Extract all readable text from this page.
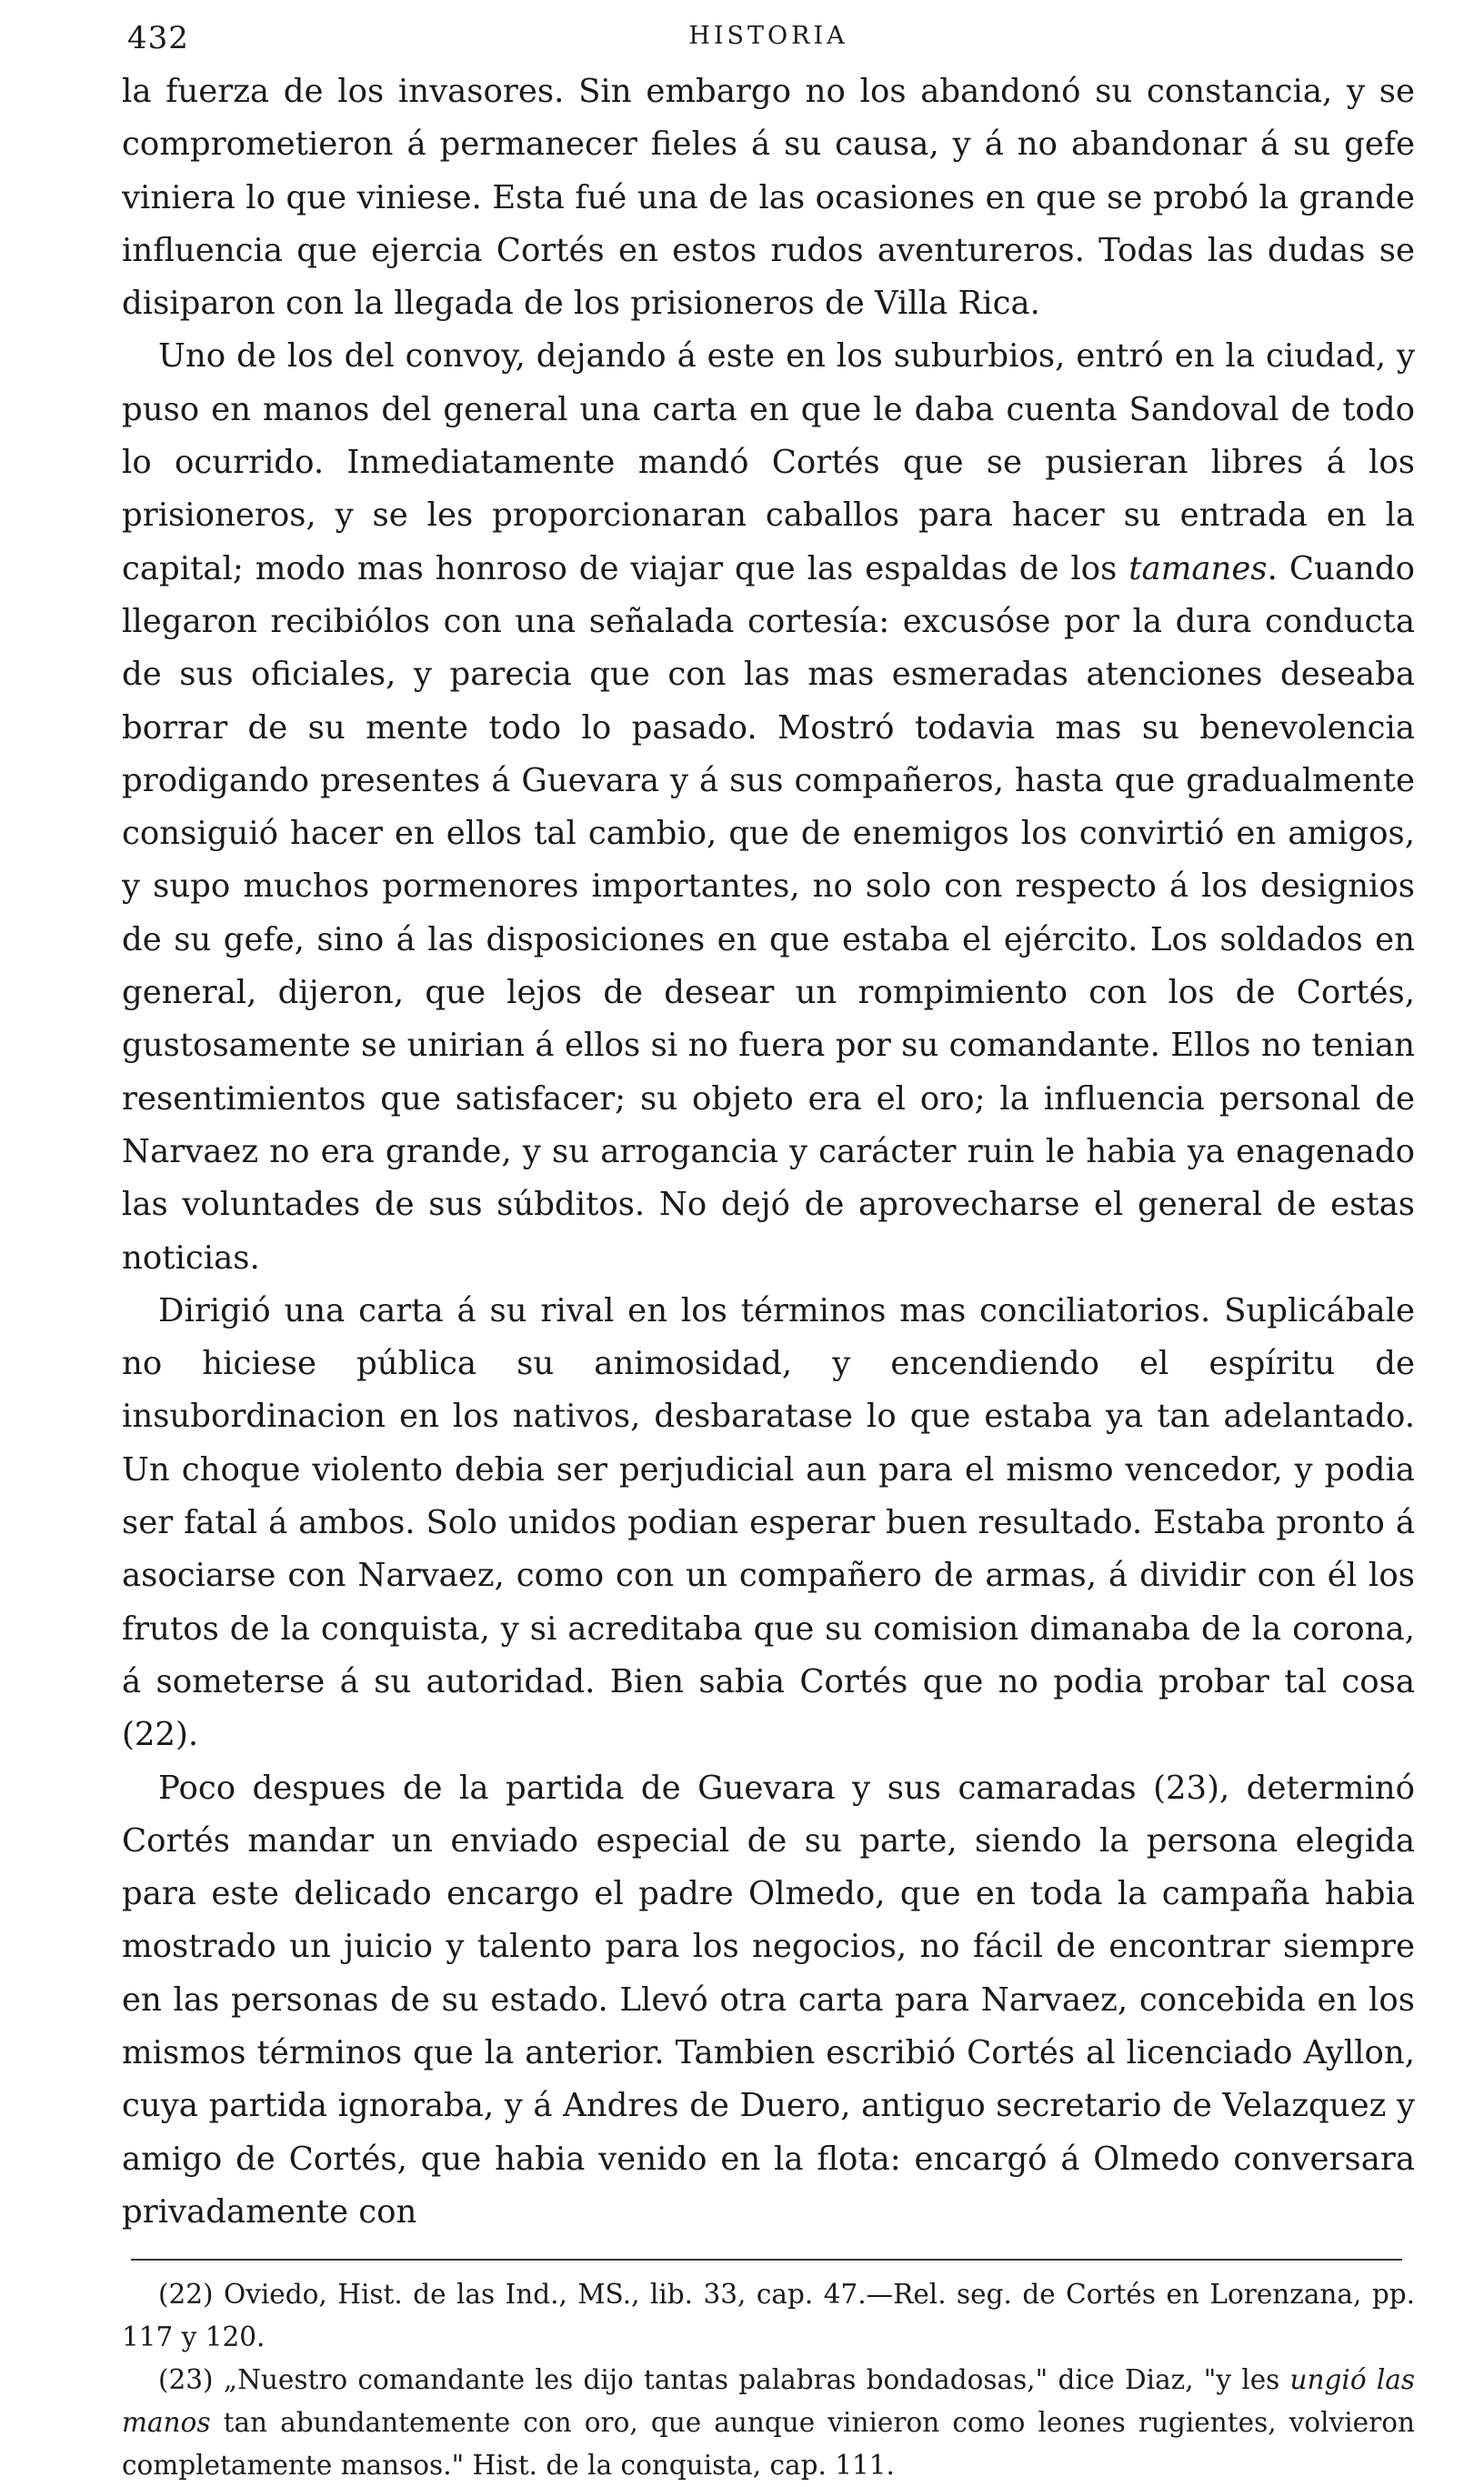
432	HISTORIA

la fuerza de los invasores. Sin embargo no los abandonó su constancia, y se comprometieron á permanecer fieles á su causa, y á no abandonar á su gefe viniera lo que viniese. Esta fué una de las ocasiones en que se probó la grande influencia que ejercia Cortés en estos rudos aventureros. Todas las dudas se disiparon con la llegada de los prisioneros de Villa Rica.

Uno de los del convoy, dejando á este en los suburbios, entró en la ciudad, y puso en manos del general una carta en que le daba cuenta Sandoval de todo lo ocurrido. Inmediatamente mandó Cortés que se pusieran libres á los prisioneros, y se les proporcionaran caballos para hacer su entrada en la capital; modo mas honroso de viajar que las espaldas de los tamanes. Cuando llegaron recibiólos con una señalada cortesía: excusóse por la dura conducta de sus oficiales, y parecia que con las mas esmeradas atenciones deseaba borrar de su mente todo lo pasado. Mostró todavia mas su benevolencia prodigando presentes á Guevara y á sus compañeros, hasta que gradualmente consiguió hacer en ellos tal cambio, que de enemigos los convirtió en amigos, y supo muchos pormenores importantes, no solo con respecto á los designios de su gefe, sino á las disposiciones en que estaba el ejército. Los soldados en general, dijeron, que lejos de desear un rompimiento con los de Cortés, gustosamente se unirian á ellos si no fuera por su comandante. Ellos no tenian resentimientos que satisfacer; su objeto era el oro; la influencia personal de Narvaez no era grande, y su arrogancia y carácter ruin le habia ya enagenado las voluntades de sus súbditos. No dejó de aprovecharse el general de estas noticias.

Dirigió una carta á su rival en los términos mas conciliatorios. Suplicábale no hiciese pública su animosidad, y encendiendo el espíritu de insubordinacion en los nativos, desbaratase lo que estaba ya tan adelantado. Un choque violento debia ser perjudicial aun para el mismo vencedor, y podia ser fatal á ambos. Solo unidos podian esperar buen resultado. Estaba pronto á asociarse con Narvaez, como con un compañero de armas, á dividir con él los frutos de la conquista, y si acreditaba que su comision dimanaba de la corona, á someterse á su autoridad. Bien sabia Cortés que no podia probar tal cosa (22).

Poco despues de la partida de Guevara y sus camaradas (23), determinó Cortés mandar un enviado especial de su parte, siendo la persona elegida para este delicado encargo el padre Olmedo, que en toda la campaña habia mostrado un juicio y talento para los negocios, no fácil de encontrar siempre en las personas de su estado. Llevó otra carta para Narvaez, concebida en los mismos términos que la anterior. Tambien escribió Cortés al licenciado Ayllon, cuya partida ignoraba, y á Andres de Duero, antiguo secretario de Velazquez y amigo de Cortés, que habia venido en la flota: encargó á Olmedo conversara privadamente con

(22) Oviedo, Hist. de las Ind., MS., lib. 33, cap. 47.—Rel. seg. de Cortés en Lorenzana, pp. 117 y 120.

(23) „Nuestro comandante les dijo tantas palabras bondadosas," dice Diaz, "y les ungió las manos tan abundantemente con oro, que aunque vinieron como leones rugientes, volvieron completamente mansos." Hist. de la conquista, cap. 111.
